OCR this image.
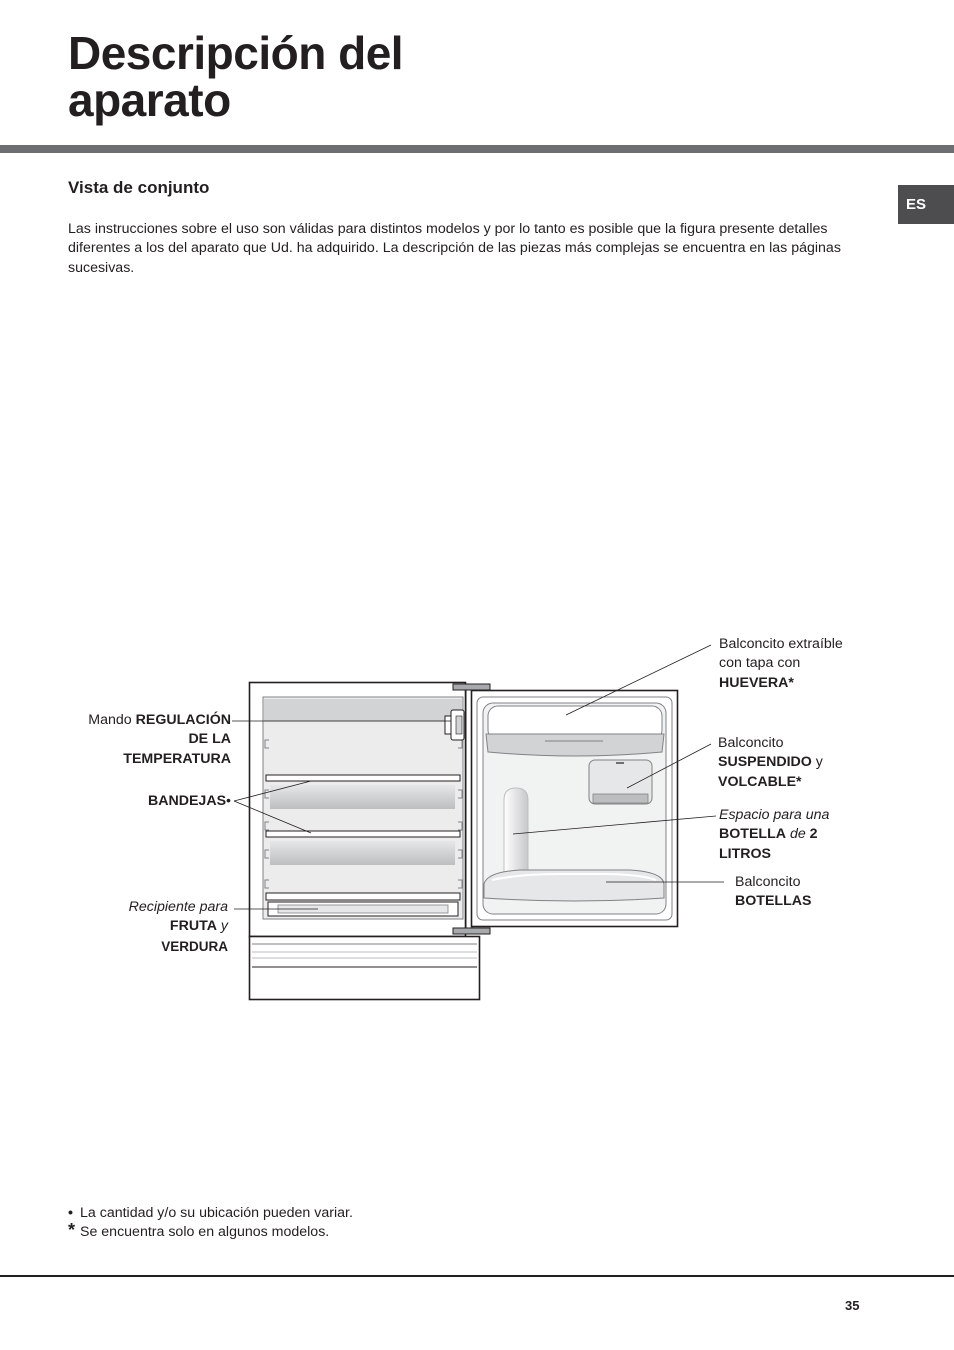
Descripción del
aparato
ES
Vista de conjunto

Las instrucciones sobre el uso son válidas para distintos modelos y por lo tanto es posible que la figura presente detalles diferentes a los del aparato que Ud. ha adquirido. La descripción de las piezas más complejas se encuentra en las páginas sucesivas.

Mando REGULACIÓN
DE LA
TEMPERATURA
BANDEJAS•
Recipiente para
FRUTA y
VERDURA
Balconcito extraíble
con tapa con
HUEVERA*
Balconcito
SUSPENDIDO y
VOLCABLE*
Espacio para una
BOTELLA de 2
LITROS
Balconcito
BOTELLAS
• La cantidad y/o su ubicación pueden variar.
* Se encuentra solo en algunos modelos.
35
